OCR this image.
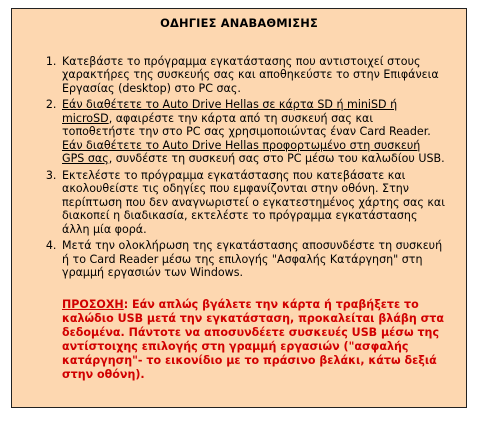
ΟΔΗΓΙΕΣ ΑΝΑΒΑΘΜΙΣΗΣ

1. Κατεβάστε το πρόγραμμα εγκατάστασης που αντιστοιχεί στους χαρακτήρες της συσκευής σας και αποθηκεύστε το στην Επιφάνεια Εργασίας (desktop) στο PC σας.
2. Εάν διαθέτετε το Auto Drive Hellas σε κάρτα SD ή miniSD ή microSD, αφαιρέστε την κάρτα από τη συσκευή σας και τοποθετήστε την στο PC σας χρησιμοποιώντας έναν Card Reader.
Εάν διαθέτετε το Auto Drive Hellas προφορτωμένο στη συσκευή GPS σας, συνδέστε τη συσκευή σας στο PC μέσω του καλωδίου USB.
3. Εκτελέστε το πρόγραμμα εγκατάστασης που κατεβάσατε και ακολουθείστε τις οδηγίες που εμφανίζονται στην οθόνη. Στην περίπτωση που δεν αναγνωριστεί ο εγκατεστημένος χάρτης σας και διακοπεί η διαδικασία, εκτελέστε το πρόγραμμα εγκατάστασης άλλη μία φορά.
4. Μετά την ολοκλήρωση της εγκατάστασης αποσυνδέστε τη συσκευή ή το Card Reader μέσω της επιλογής "Ασφαλής Κατάργηση" στη γραμμή εργασιών των Windows.

ΠΡΟΣΟΧΗ: Εάν απλώς βγάλετε την κάρτα ή τραβήξετε το καλώδιο USB μετά την εγκατάσταση, προκαλείται βλάβη στα δεδομένα. Πάντοτε να αποσυνδέετε συσκευές USB μέσω της αντίστοιχης επιλογής στη γραμμή εργασιών ("ασφαλής κατάργηση"- το εικονίδιο με το πράσινο βελάκι, κάτω δεξιά στην οθόνη).
